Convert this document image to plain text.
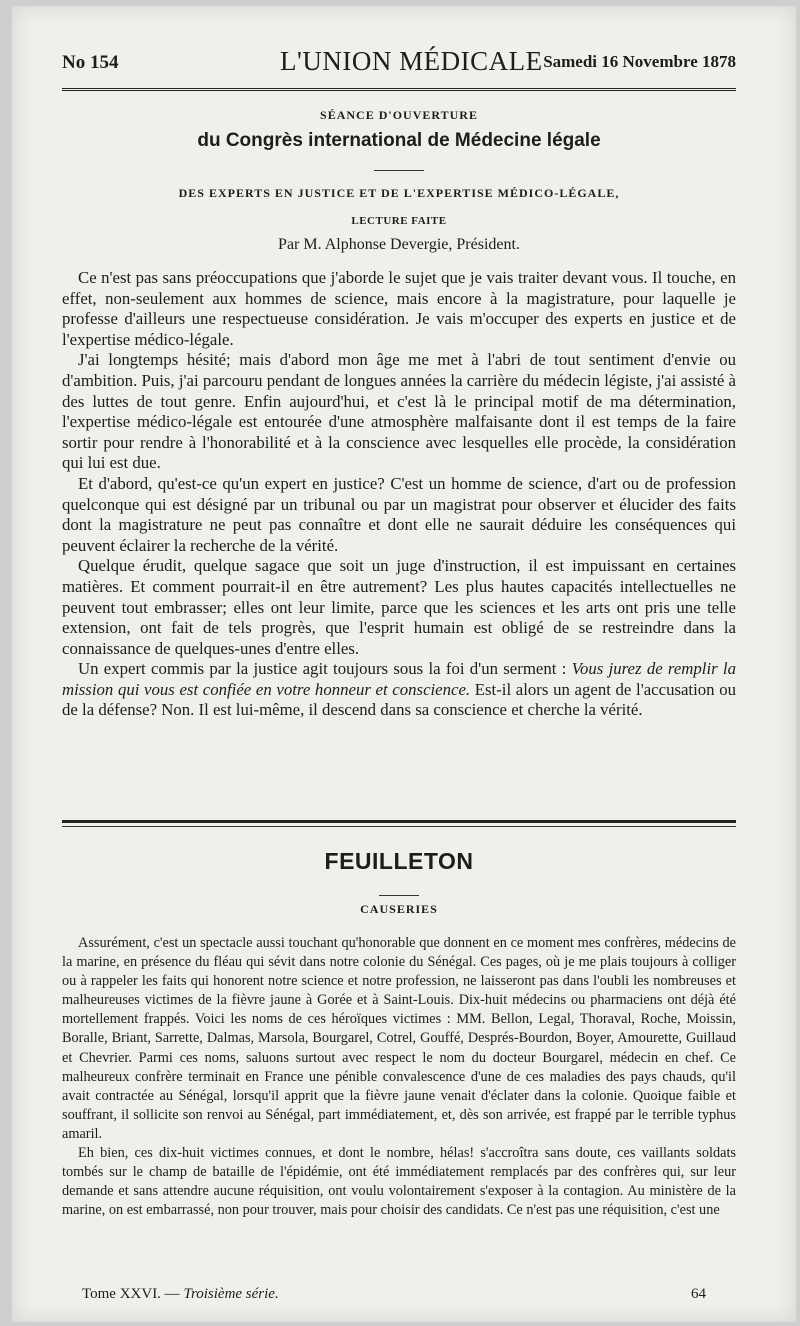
No 154	L'UNION MÉDICALE Samedi 16 Novembre 1878
SÉANCE D'OUVERTURE
du Congrès international de Médecine légale
DES EXPERTS EN JUSTICE ET DE L'EXPERTISE MÉDICO-LÉGALE,
LECTURE FAITE
Par M. Alphonse Devergie, Président.

Ce n'est pas sans préoccupations que j'aborde le sujet que je vais traiter devant vous. Il touche, en effet, non-seulement aux hommes de science, mais encore à la magistrature, pour laquelle je professe d'ailleurs une respectueuse considération. Je vais m'occuper des experts en justice et de l'expertise médico-légale.

J'ai longtemps hésité; mais d'abord mon âge me met à l'abri de tout sentiment d'envie ou d'ambition. Puis, j'ai parcouru pendant de longues années la carrière du médecin légiste, j'ai assisté à des luttes de tout genre. Enfin aujourd'hui, et c'est là le principal motif de ma détermination, l'expertise médico-légale est entourée d'une atmosphère malfaisante dont il est temps de la faire sortir pour rendre à l'honorabilité et à la conscience avec lesquelles elle procède, la considération qui lui est due.

Et d'abord, qu'est-ce qu'un expert en justice? C'est un homme de science, d'art ou de profession quelconque qui est désigné par un tribunal ou par un magistrat pour observer et élucider des faits dont la magistrature ne peut pas connaître et dont elle ne saurait déduire les conséquences qui peuvent éclairer la recherche de la vérité.

Quelque érudit, quelque sagace que soit un juge d'instruction, il est impuissant en certaines matières. Et comment pourrait-il en être autrement? Les plus hautes capacités intellectuelles ne peuvent tout embrasser; elles ont leur limite, parce que les sciences et les arts ont pris une telle extension, ont fait de tels progrès, que l'esprit humain est obligé de se restreindre dans la connaissance de quelques-unes d'entre elles.

Un expert commis par la justice agit toujours sous la foi d'un serment : Vous jurez de remplir la mission qui vous est confiée en votre honneur et conscience. Est-il alors un agent de l'accusation ou de la défense? Non. Il est lui-même, il descend dans sa conscience et cherche la vérité.

FEUILLETON
CAUSERIES

Assurément, c'est un spectacle aussi touchant qu'honorable que donnent en ce moment mes confrères, médecins de la marine, en présence du fléau qui sévit dans notre colonie du Sénégal. Ces pages, où je me plais toujours à colliger ou à rappeler les faits qui honorent notre science et notre profession, ne laisseront pas dans l'oubli les nombreuses et malheureuses victimes de la fièvre jaune à Gorée et à Saint-Louis. Dix-huit médecins ou pharmaciens ont déjà été mortellement frappés. Voici les noms de ces héroïques victimes : MM. Bellon, Legal, Thoraval, Roche, Moissin, Boralle, Briant, Sarrette, Dalmas, Marsola, Bourgarel, Cotrel, Gouffé, Després-Bourdon, Boyer, Amourette, Guillaud et Chevrier. Parmi ces noms, saluons surtout avec respect le nom du docteur Bourgarel, médecin en chef. Ce malheureux confrère terminait en France une pénible convalescence d'une de ces maladies des pays chauds, qu'il avait contractée au Sénégal, lorsqu'il apprit que la fièvre jaune venait d'éclater dans la colonie. Quoique faible et souffrant, il sollicite son renvoi au Sénégal, part immédiatement, et, dès son arrivée, est frappé par le terrible typhus amaril.

Eh bien, ces dix-huit victimes connues, et dont le nombre, hélas! s'accroîtra sans doute, ces vaillants soldats tombés sur le champ de bataille de l'épidémie, ont été immédiatement remplacés par des confrères qui, sur leur demande et sans attendre aucune réquisition, ont voulu volontairement s'exposer à la contagion. Au ministère de la marine, on est embarrassé, non pour trouver, mais pour choisir des candidats. Ce n'est pas une réquisition, c'est une

Tome XXVI. — Troisième série.	64
